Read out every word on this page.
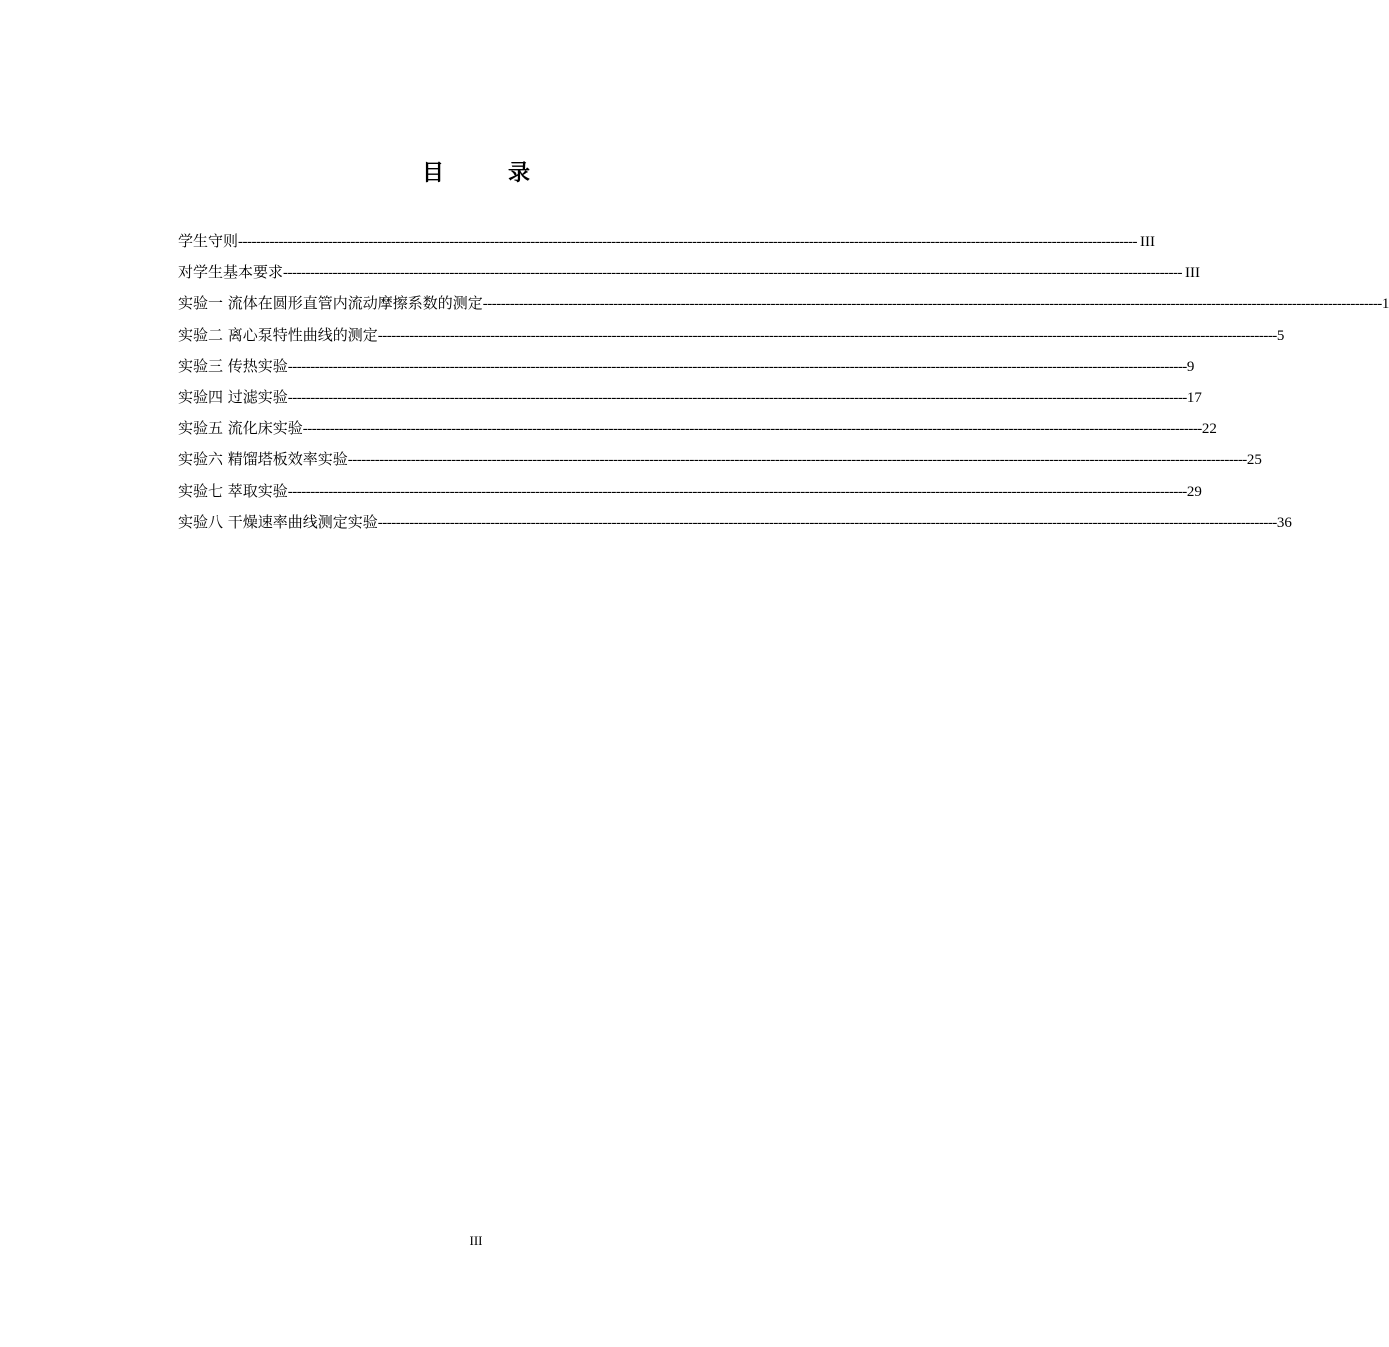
目	录
学生守则 -------------------------------------------------------------------------------------------------------------------------------------------------------------------------------------------------------- III
对学生基本要求 -------------------------------------------------------------------------------------------------------------------------------------------------------------------------------------------------------- III
实验一 流体在圆形直管内流动摩擦系数的测定 -------------------------------------------------------------------------------------------------------------------------------------------------------------------------------------------------------- 1
实验二 离心泵特性曲线的测定 -------------------------------------------------------------------------------------------------------------------------------------------------------------------------------------------------------- 5
实验三 传热实验 -------------------------------------------------------------------------------------------------------------------------------------------------------------------------------------------------------- 9
实验四 过滤实验 -------------------------------------------------------------------------------------------------------------------------------------------------------------------------------------------------------- 17
实验五 流化床实验 -------------------------------------------------------------------------------------------------------------------------------------------------------------------------------------------------------- 22
实验六 精馏塔板效率实验 -------------------------------------------------------------------------------------------------------------------------------------------------------------------------------------------------------- 25
实验七 萃取实验 -------------------------------------------------------------------------------------------------------------------------------------------------------------------------------------------------------- 29
实验八 干燥速率曲线测定实验 -------------------------------------------------------------------------------------------------------------------------------------------------------------------------------------------------------- 36
III
